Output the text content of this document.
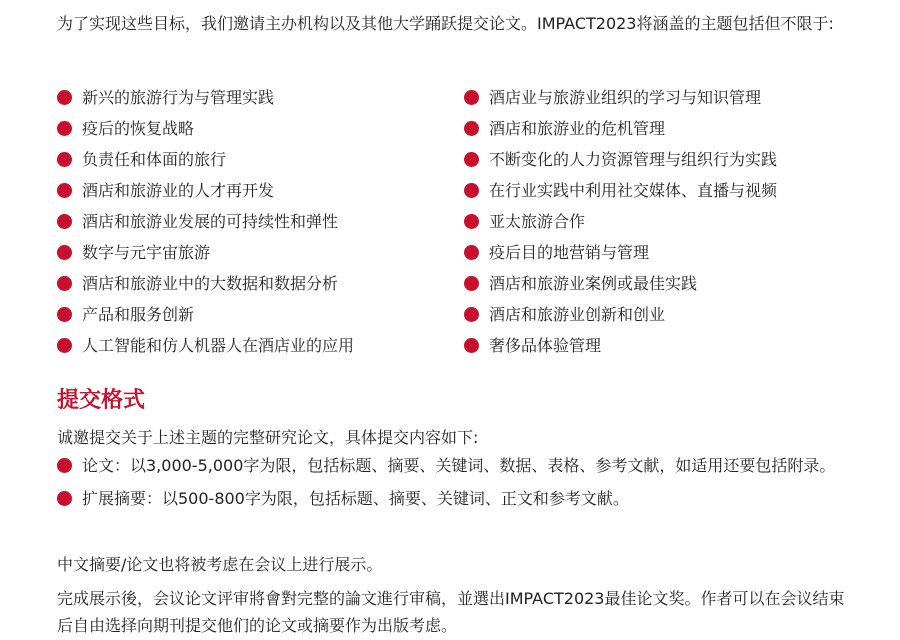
为了实现这些目标，我们邀请主办机构以及其他大学踊跃提交论文。IMPACT2023将涵盖的主题包括但不限于:

新兴的旅游行为与管理实践
疫后的恢复战略
负责任和体面的旅行
酒店和旅游业的人才再开发
酒店和旅游业发展的可持续性和弹性
数字与元宇宙旅游
酒店和旅游业中的大数据和数据分析
产品和服务创新
人工智能和仿人机器人在酒店业的应用
酒店业与旅游业组织的学习与知识管理
酒店和旅游业的危机管理
不断变化的人力资源管理与组织行为实践
在行业实践中利用社交媒体、直播与视频
亚太旅游合作
疫后目的地营销与管理
酒店和旅游业案例或最佳实践
酒店和旅游业创新和创业
奢侈品体验管理
提交格式

诚邀提交关于上述主题的完整研究论文，具体提交内容如下:

论文：以3,000-5,000字为限，包括标题、摘要、关键词、数据、表格、参考文献，如适用还要包括附录。
扩展摘要：以500-800字为限，包括标题、摘要、关键词、正文和参考文献。

中文摘要/论文也将被考虑在会议上进行展示。

完成展示後，会议论文评审將會對完整的論文進行审稿，並選出IMPACT2023最佳论文奖。作者可以在会议结束后自由选择向期刊提交他们的论文或摘要作为出版考虑。
